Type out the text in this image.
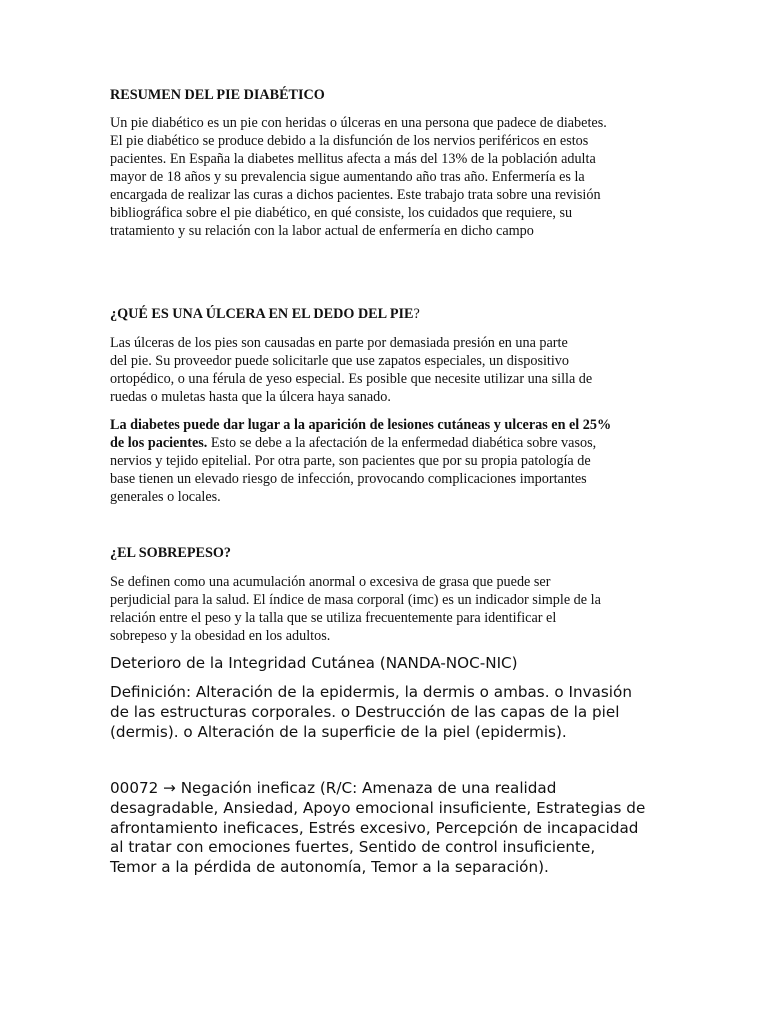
RESUMEN DEL PIE DIABÉTICO

Un pie diabético es un pie con heridas o úlceras en una persona que padece de diabetes.
El pie diabético se produce debido a la disfunción de los nervios periféricos en estos
pacientes. En España la diabetes mellitus afecta a más del 13% de la población adulta
mayor de 18 años y su prevalencia sigue aumentando año tras año. Enfermería es la
encargada de realizar las curas a dichos pacientes. Este trabajo trata sobre una revisión
bibliográfica sobre el pie diabético, en qué consiste, los cuidados que requiere, su
tratamiento y su relación con la labor actual de enfermería en dicho campo

¿QUÉ ES UNA ÚLCERA EN EL DEDO DEL PIE?

Las úlceras de los pies son causadas en parte por demasiada presión en una parte
del pie. Su proveedor puede solicitarle que use zapatos especiales, un dispositivo
ortopédico, o una férula de yeso especial. Es posible que necesite utilizar una silla de
ruedas o muletas hasta que la úlcera haya sanado.

La diabetes puede dar lugar a la aparición de lesiones cutáneas y ulceras en el 25%
de los pacientes. Esto se debe a la afectación de la enfermedad diabética sobre vasos,
nervios y tejido epitelial. Por otra parte, son pacientes que por su propia patología de
base tienen un elevado riesgo de infección, provocando complicaciones importantes
generales o locales.

¿EL SOBREPESO?

Se definen como una acumulación anormal o excesiva de grasa que puede ser
perjudicial para la salud. El índice de masa corporal (imc) es un indicador simple de la
relación entre el peso y la talla que se utiliza frecuentemente para identificar el
sobrepeso y la obesidad en los adultos.

Deterioro de la Integridad Cutánea (NANDA-NOC-NIC)

Definición: Alteración de la epidermis, la dermis o ambas. o Invasión
de las estructuras corporales. o Destrucción de las capas de la piel
(dermis). o Alteración de la superficie de la piel (epidermis).

00072 → Negación ineficaz (R/C: Amenaza de una realidad
desagradable, Ansiedad, Apoyo emocional insuficiente, Estrategias de
afrontamiento ineficaces, Estrés excesivo, Percepción de incapacidad
al tratar con emociones fuertes, Sentido de control insuficiente,
Temor a la pérdida de autonomía, Temor a la separación).
